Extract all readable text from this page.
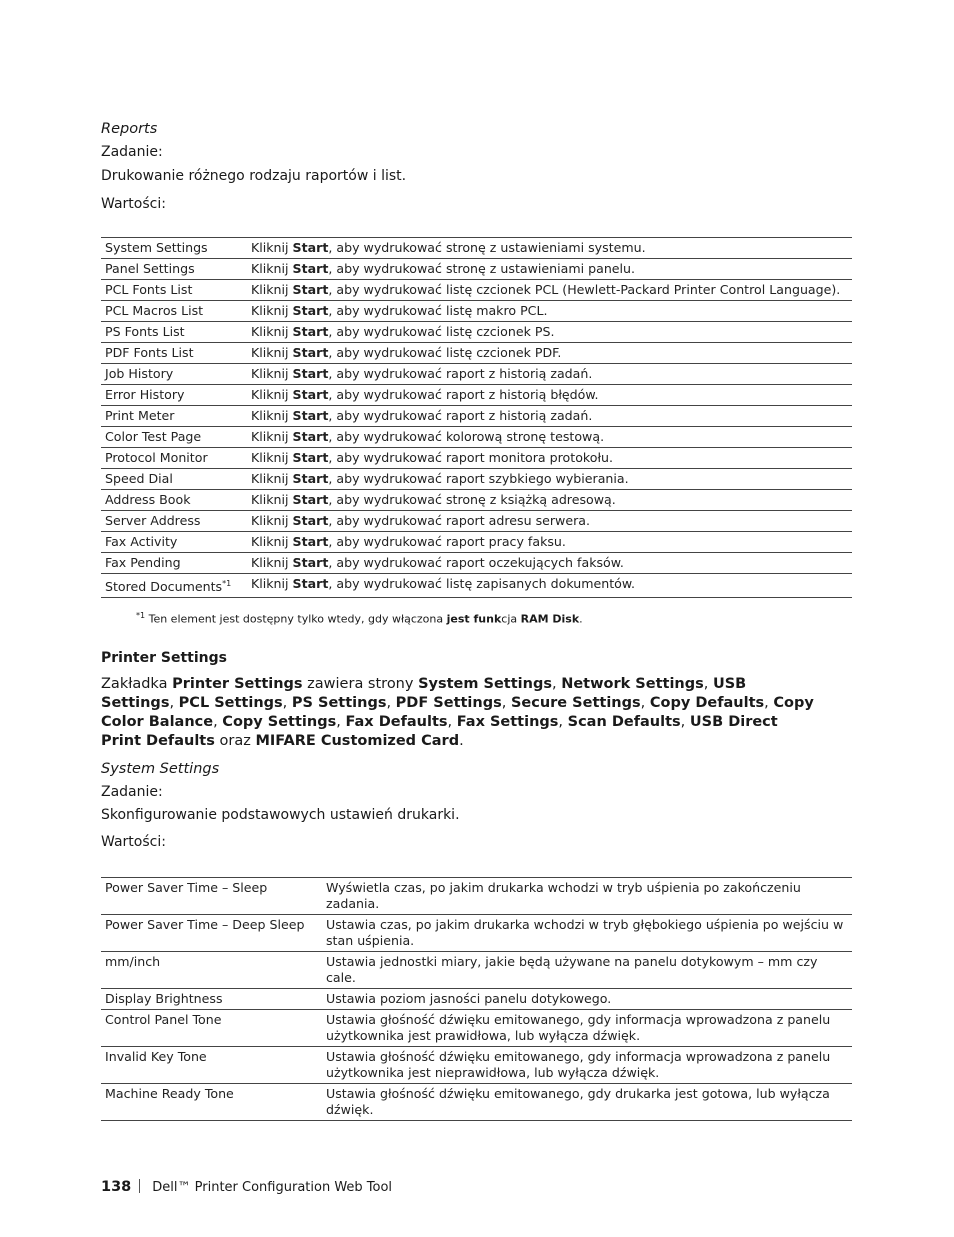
Reports
Zadanie:
Drukowanie różnego rodzaju raportów i list.
Wartości:
System Settings	Kliknij Start, aby wydrukować stronę z ustawieniami systemu.
Panel Settings	Kliknij Start, aby wydrukować stronę z ustawieniami panelu.
PCL Fonts List	Kliknij Start, aby wydrukować listę czcionek PCL (Hewlett-Packard Printer Control Language).
PCL Macros List	Kliknij Start, aby wydrukować listę makro PCL.
PS Fonts List	Kliknij Start, aby wydrukować listę czcionek PS.
PDF Fonts List	Kliknij Start, aby wydrukować listę czcionek PDF.
Job History	Kliknij Start, aby wydrukować raport z historią zadań.
Error History	Kliknij Start, aby wydrukować raport z historią błędów.
Print Meter	Kliknij Start, aby wydrukować raport z historią zadań.
Color Test Page	Kliknij Start, aby wydrukować kolorową stronę testową.
Protocol Monitor	Kliknij Start, aby wydrukować raport monitora protokołu.
Speed Dial	Kliknij Start, aby wydrukować raport szybkiego wybierania.
Address Book	Kliknij Start, aby wydrukować stronę z książką adresową.
Server Address	Kliknij Start, aby wydrukować raport adresu serwera.
Fax Activity	Kliknij Start, aby wydrukować raport pracy faksu.
Fax Pending	Kliknij Start, aby wydrukować raport oczekujących faksów.
Stored Documents$^{*1}$	Kliknij Start, aby wydrukować listę zapisanych dokumentów.
$^{*1}$ Ten element jest dostępny tylko wtedy, gdy włączona jest funkcja RAM Disk.
Printer Settings
Zakładka Printer Settings zawiera strony System Settings, Network Settings, USB Settings, PCL Settings, PS Settings, PDF Settings, Secure Settings, Copy Defaults, Copy Color Balance, Copy Settings, Fax Defaults, Fax Settings, Scan Defaults, USB Direct Print Defaults oraz MIFARE Customized Card.
System Settings
Zadanie:
Skonfigurowanie podstawowych ustawień drukarki.
Wartości:
Power Saver Time – Sleep	Wyświetla czas, po jakim drukarka wchodzi w tryb uśpienia po zakończeniu zadania.
Power Saver Time – Deep Sleep	Ustawia czas, po jakim drukarka wchodzi w tryb głębokiego uśpienia po wejściu w stan uśpienia.
mm/inch	Ustawia jednostki miary, jakie będą używane na panelu dotykowym – mm czy cale.
Display Brightness	Ustawia poziom jasności panelu dotykowego.
Control Panel Tone	Ustawia głośność dźwięku emitowanego, gdy informacja wprowadzona z panelu użytkownika jest prawidłowa, lub wyłącza dźwięk.
Invalid Key Tone	Ustawia głośność dźwięku emitowanego, gdy informacja wprowadzona z panelu użytkownika jest nieprawidłowa, lub wyłącza dźwięk.
Machine Ready Tone	Ustawia głośność dźwięku emitowanego, gdy drukarka jest gotowa, lub wyłącza dźwięk.
138 Dell™ Printer Configuration Web Tool
